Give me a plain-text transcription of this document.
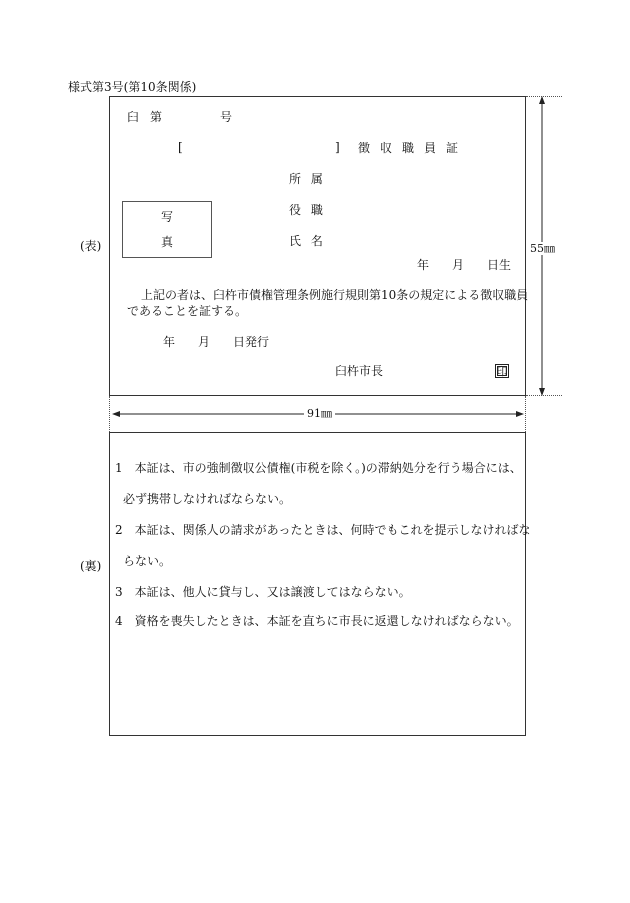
様式第3号(第10条関係)
(表)
臼 第	号
[	] 徴収職員証
写
真
所 属
役 職
氏 名
年 月 日生
上記の者は、臼杵市債権管理条例施行規則第10条の規定による徴収職員
であることを証する。
年 月 日発行
臼杵市長	印
55㎜
91㎜
(裏)
1　本証は、市の強制徴収公債権(市税を除く。)の滞納処分を行う場合には、
必ず携帯しなければならない。
2　本証は、関係人の請求があったときは、何時でもこれを提示しなければな
らない。
3　本証は、他人に貸与し、又は譲渡してはならない。
4　資格を喪失したときは、本証を直ちに市長に返還しなければならない。
